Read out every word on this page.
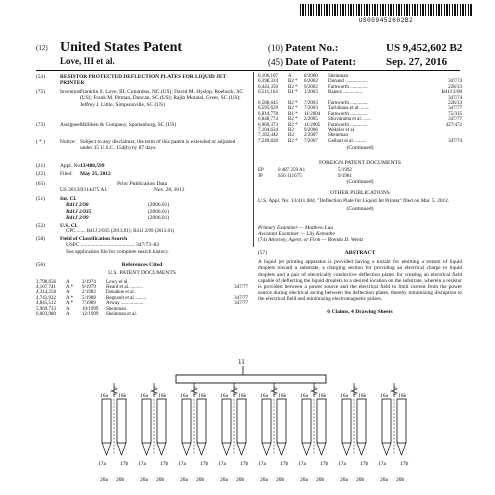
US009452602B2
(12) United States Patent
Love, III et al.
(10) Patent No.:	US 9,452,602 B2
(45) Date of Patent:	Sep. 27, 2016
(54)	RESISTOR PROTECTED DEFLECTION PLATES FOR LIQUID JET PRINTER
(75)	Inventors:
Franklin S. Love, III, Columbus, NC (US); David M. Hyslop, Roebuck, SC (US); Frank M. Pitman, Duncan, SC (US); Rajib Mondal, Greer, SC (US); Jeffrey J. Little, Simpsonville, SC (US)
(73)	Assignee:
Milliken & Company, Spartanburg, SC (US)
( * )	Notice: Subject to any disclaimer, the term of this patent is extended or adjusted under 35 U.S.C. 154(b) by 87 days.
(21)	Appl. No.:
13/480,599
(22)	Filed: May 25, 2012
(65)	Prior Publication Data
US 2013/0314475 A1	Nov. 28, 2013
(51)	Int. Cl.
B41J 2/08	(2006.01)
B41J 2/035	(2006.01)
B41J 2/09	(2006.01)
(52)	U.S. Cl.
CPC ....... B41J 2/035 (2013.01); B41J 2/09 (2013.01)
(58)	Field of Classification Search
USPC ........................................ 347/73–82
See application file for complete search history.
(56)	References Cited
U.S. PATENT DOCUMENTS
3,798,656	A	3/1974	Lowy et al.	
4,167,741	A *	9/1979	Heard et al. ..........	347/77
4,314,258	A	2/1982	Donahue et al.	
4,743,922	A *	5/1988	Regnault et al. ........	347/77
4,845,512	A *	7/1989	Arway ..................	347/77
5,969,733	A	10/1999	Sheinman	
6,003,980	A	12/1999	Sheinman et al.	
6,106,107	A	8/2000	Sheinman	
6,398,334	B2 *	6/2002	Dunand ..................	347/74
6,443,350	B2 *	9/2002	Farnworth ..............	228/33
6,511,164	B1 *	1/2003	Bajeux ...............	B41J 2/08
				347/74
6,588,645	B2 *	7/2003	Farnworth ..............	228/33
6,595,629	B2 *	7/2003	Tachibana et al. .......	347/77
6,814,778	B1 *	11/2004	Farnworth ..............	75/335
6,848,774	B2 *	2/2005	Shirvarama et al. ......	347/77
6,960,373	B2 *	11/2005	Farnworth ..............	427/472
7,104,634	B2	9/2006	Weksler et al.	
7,182,442	B2	2/2007	Sheinman	
7,249,828	B2 *	7/2007	Gelbart et al. .........	347/74
(Continued)
FOREIGN PATENT DOCUMENTS
EP	0 487 259 A1	5/1992
JP	S56 111675	9/1981
(Continued)
OTHER PUBLICATIONS
U.S. Appl. No. 13/411,684, "Deflection Plate for Liquid Jet Printer" filed on Mar. 5, 2012.
(Continued)
Primary Examiner — Matthew Luu
Assistant Examiner — Lily Kemathe
(74) Attorney, Agent, or Firm — Brenda D. Wentz
(57)	ABSTRACT
A liquid jet printing apparatus is provided having a nozzle for emitting a stream of liquid droplets toward a substrate, a charging section for providing an electrical charge to liquid droplets and a pair of electrically conductive deflection plates for creating an electrical field capable of deflecting the liquid droplets to a desired location on the substrate, wherein a resistor is provided between a power source and the electrical field to limit current from the power source during electrical arcing between the deflection plates, thereby minimizing disruption to the electrical field and minimizing electromagnetic pulses.
6 Claims, 4 Drawing Sheets
11
16a 16b
17a	17b
20a 20b
16a 16b
17a	17b
20a 20b
16a 16b
17a	17b
20a 20b
16a 16b
17a	17b
20a 20b
16a 16b
17a	17b
20a 20b
16a 16b
17a	17b
20a 20b
16a 16b
17a	17b
20a 20b
16a 16b
17a	17b
20a 20b
